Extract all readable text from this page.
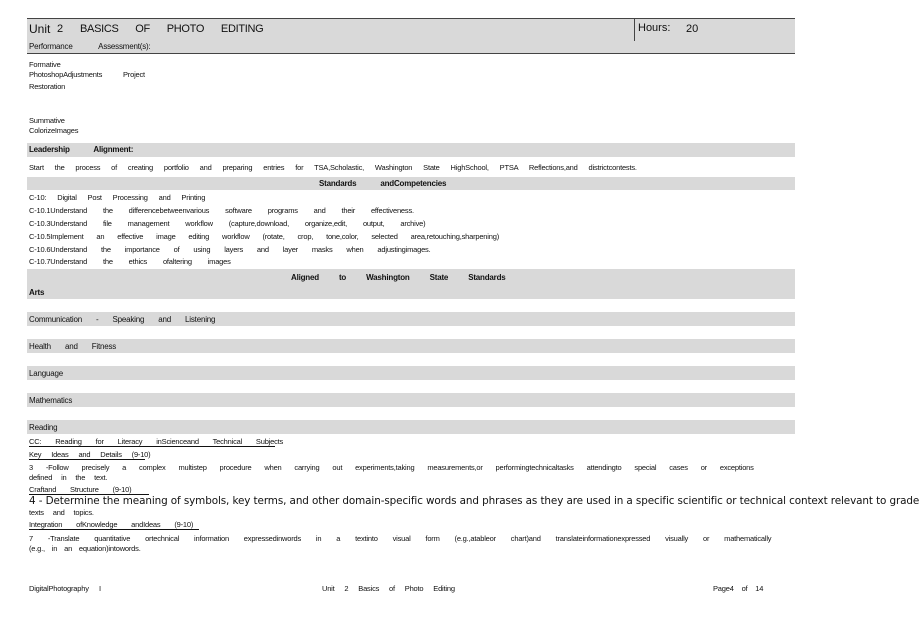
Unit 2 BASICS OF PHOTO EDITING	Hours: 20
Performance Assessment(s):
Formative
PhotoshopAdjustments	Project
Restoration
Summative
ColorizeImages
Leadership Alignment:
Start the process of creating portfolio and preparing entries for TSA,Scholastic, Washington State HighSchool, PTSA Reflections,and districtcontests.
Standards andCompetencies
C-10: Digital Post Processing and Printing
C-10.1Understand the differencebetweenvarious software programs and their effectiveness.
C-10.3Understand file management workflow (capture,download, organize,edit, output, archive)
C-10.5Implement an effective image editing workflow (rotate, crop, tone,color, selected area,retouching,sharpening)
C-10.6Understand the importance of using layers and layer masks when adjustingimages.
C-10.7Understand the ethics ofaltering images
Aligned to Washington State Standards
Arts
Communication - Speaking and Listening
Health and Fitness
Language
Mathematics
Reading
CC: Reading for Literacy inScienceand Technical Subjects
Key Ideas and Details (9-10)
3 -Follow precisely a complex multistep procedure when carrying out experiments,taking measurements,or performingtechnicaltasks attendingto special cases or exceptions
defined in the text.
Craftand Structure (9-10)
4 - Determine the meaning of symbols, key terms, and other domain-specific words and phrases as they are used in a specific scientific or technical context relevant to grade
texts and topics.
Integration ofKnowledge andIdeas (9-10)
7 -Translate quantitative ortechnical information expressedinwords in a textinto visual form (e.g.,atableor chart)and translateinformationexpressed visually or mathematically
(e.g., in an equation)intowords.
DigitalPhotography I	Unit 2 Basics of Photo Editing	Page4 of 14
